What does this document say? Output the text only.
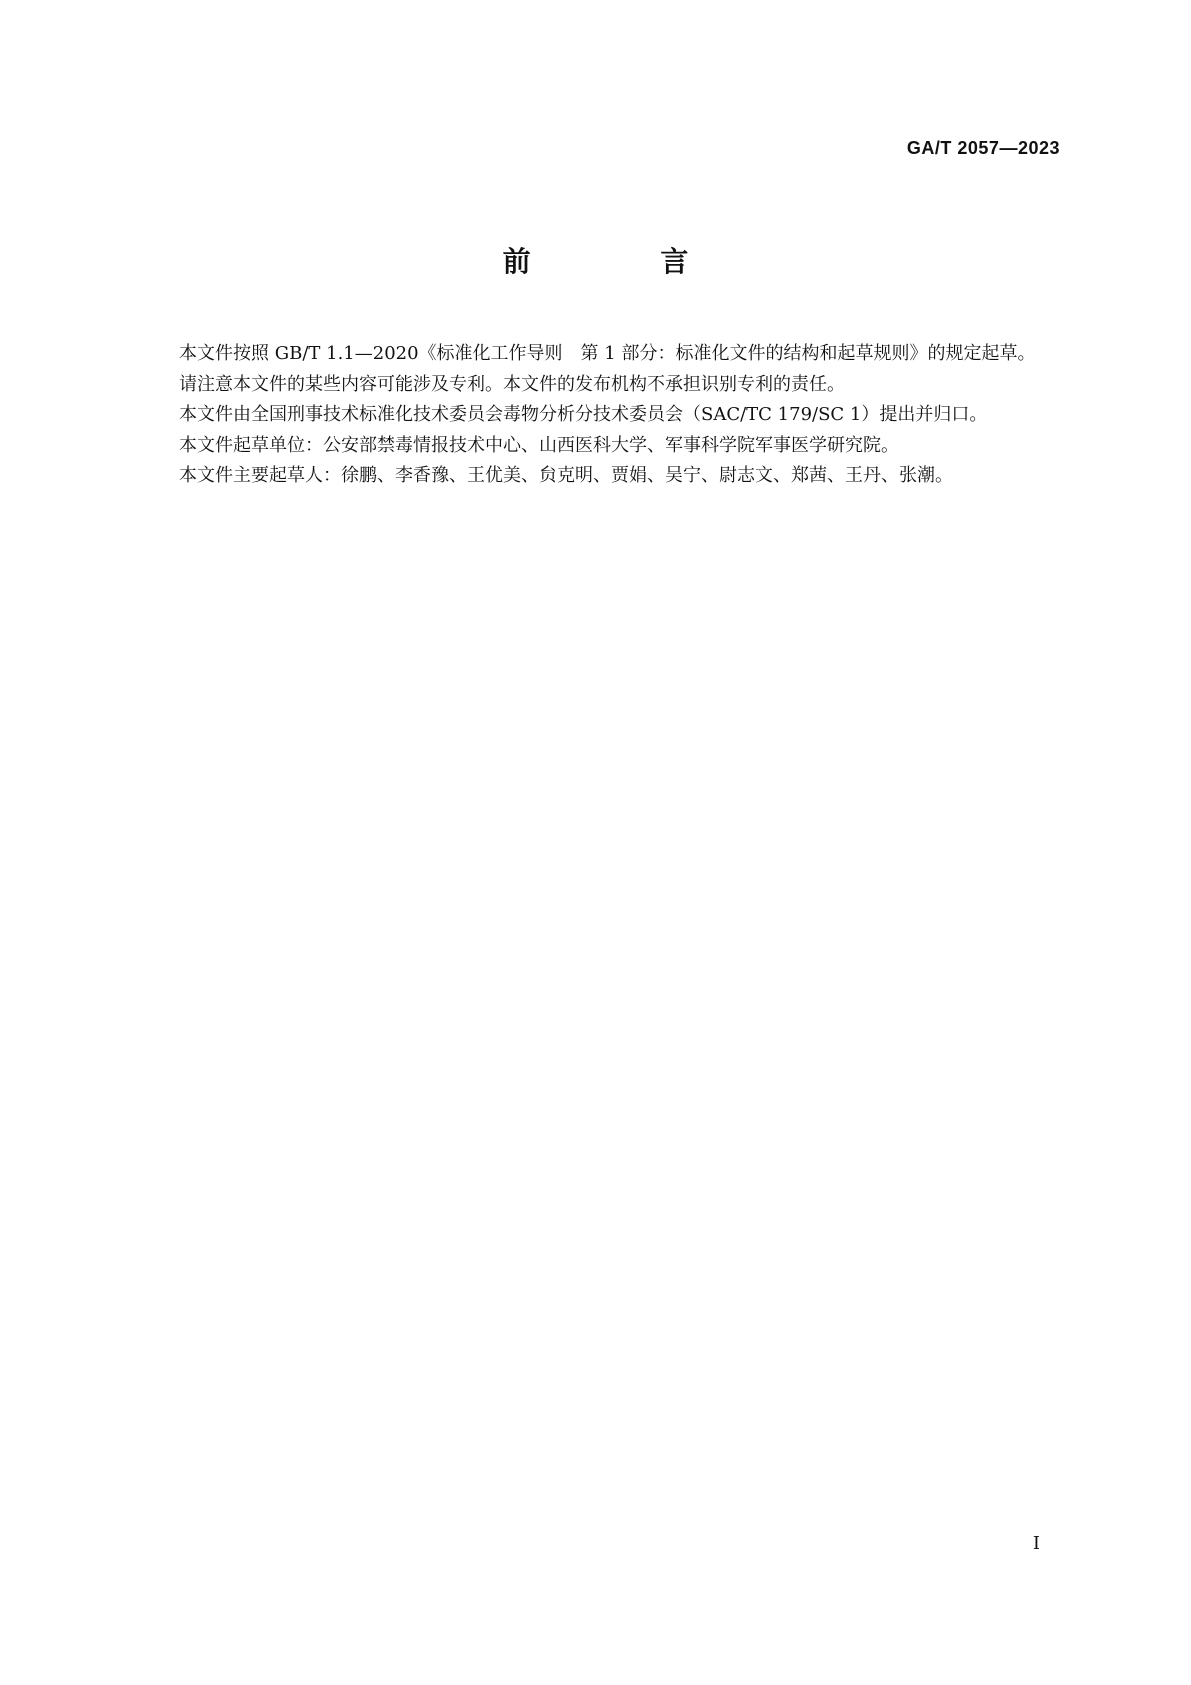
GA/T 2057—2023
前 言

本文件按照 GB/T 1.1—2020《标准化工作导则　第 1 部分：标准化文件的结构和起草规则》的规定起草。

请注意本文件的某些内容可能涉及专利。本文件的发布机构不承担识别专利的责任。

本文件由全国刑事技术标准化技术委员会毒物分析分技术委员会（SAC/TC 179/SC 1）提出并归口。

本文件起草单位：公安部禁毒情报技术中心、山西医科大学、军事科学院军事医学研究院。

本文件主要起草人：徐鹏、李香豫、王优美、贠克明、贾娟、吴宁、尉志文、郑茜、王丹、张潮。

I
